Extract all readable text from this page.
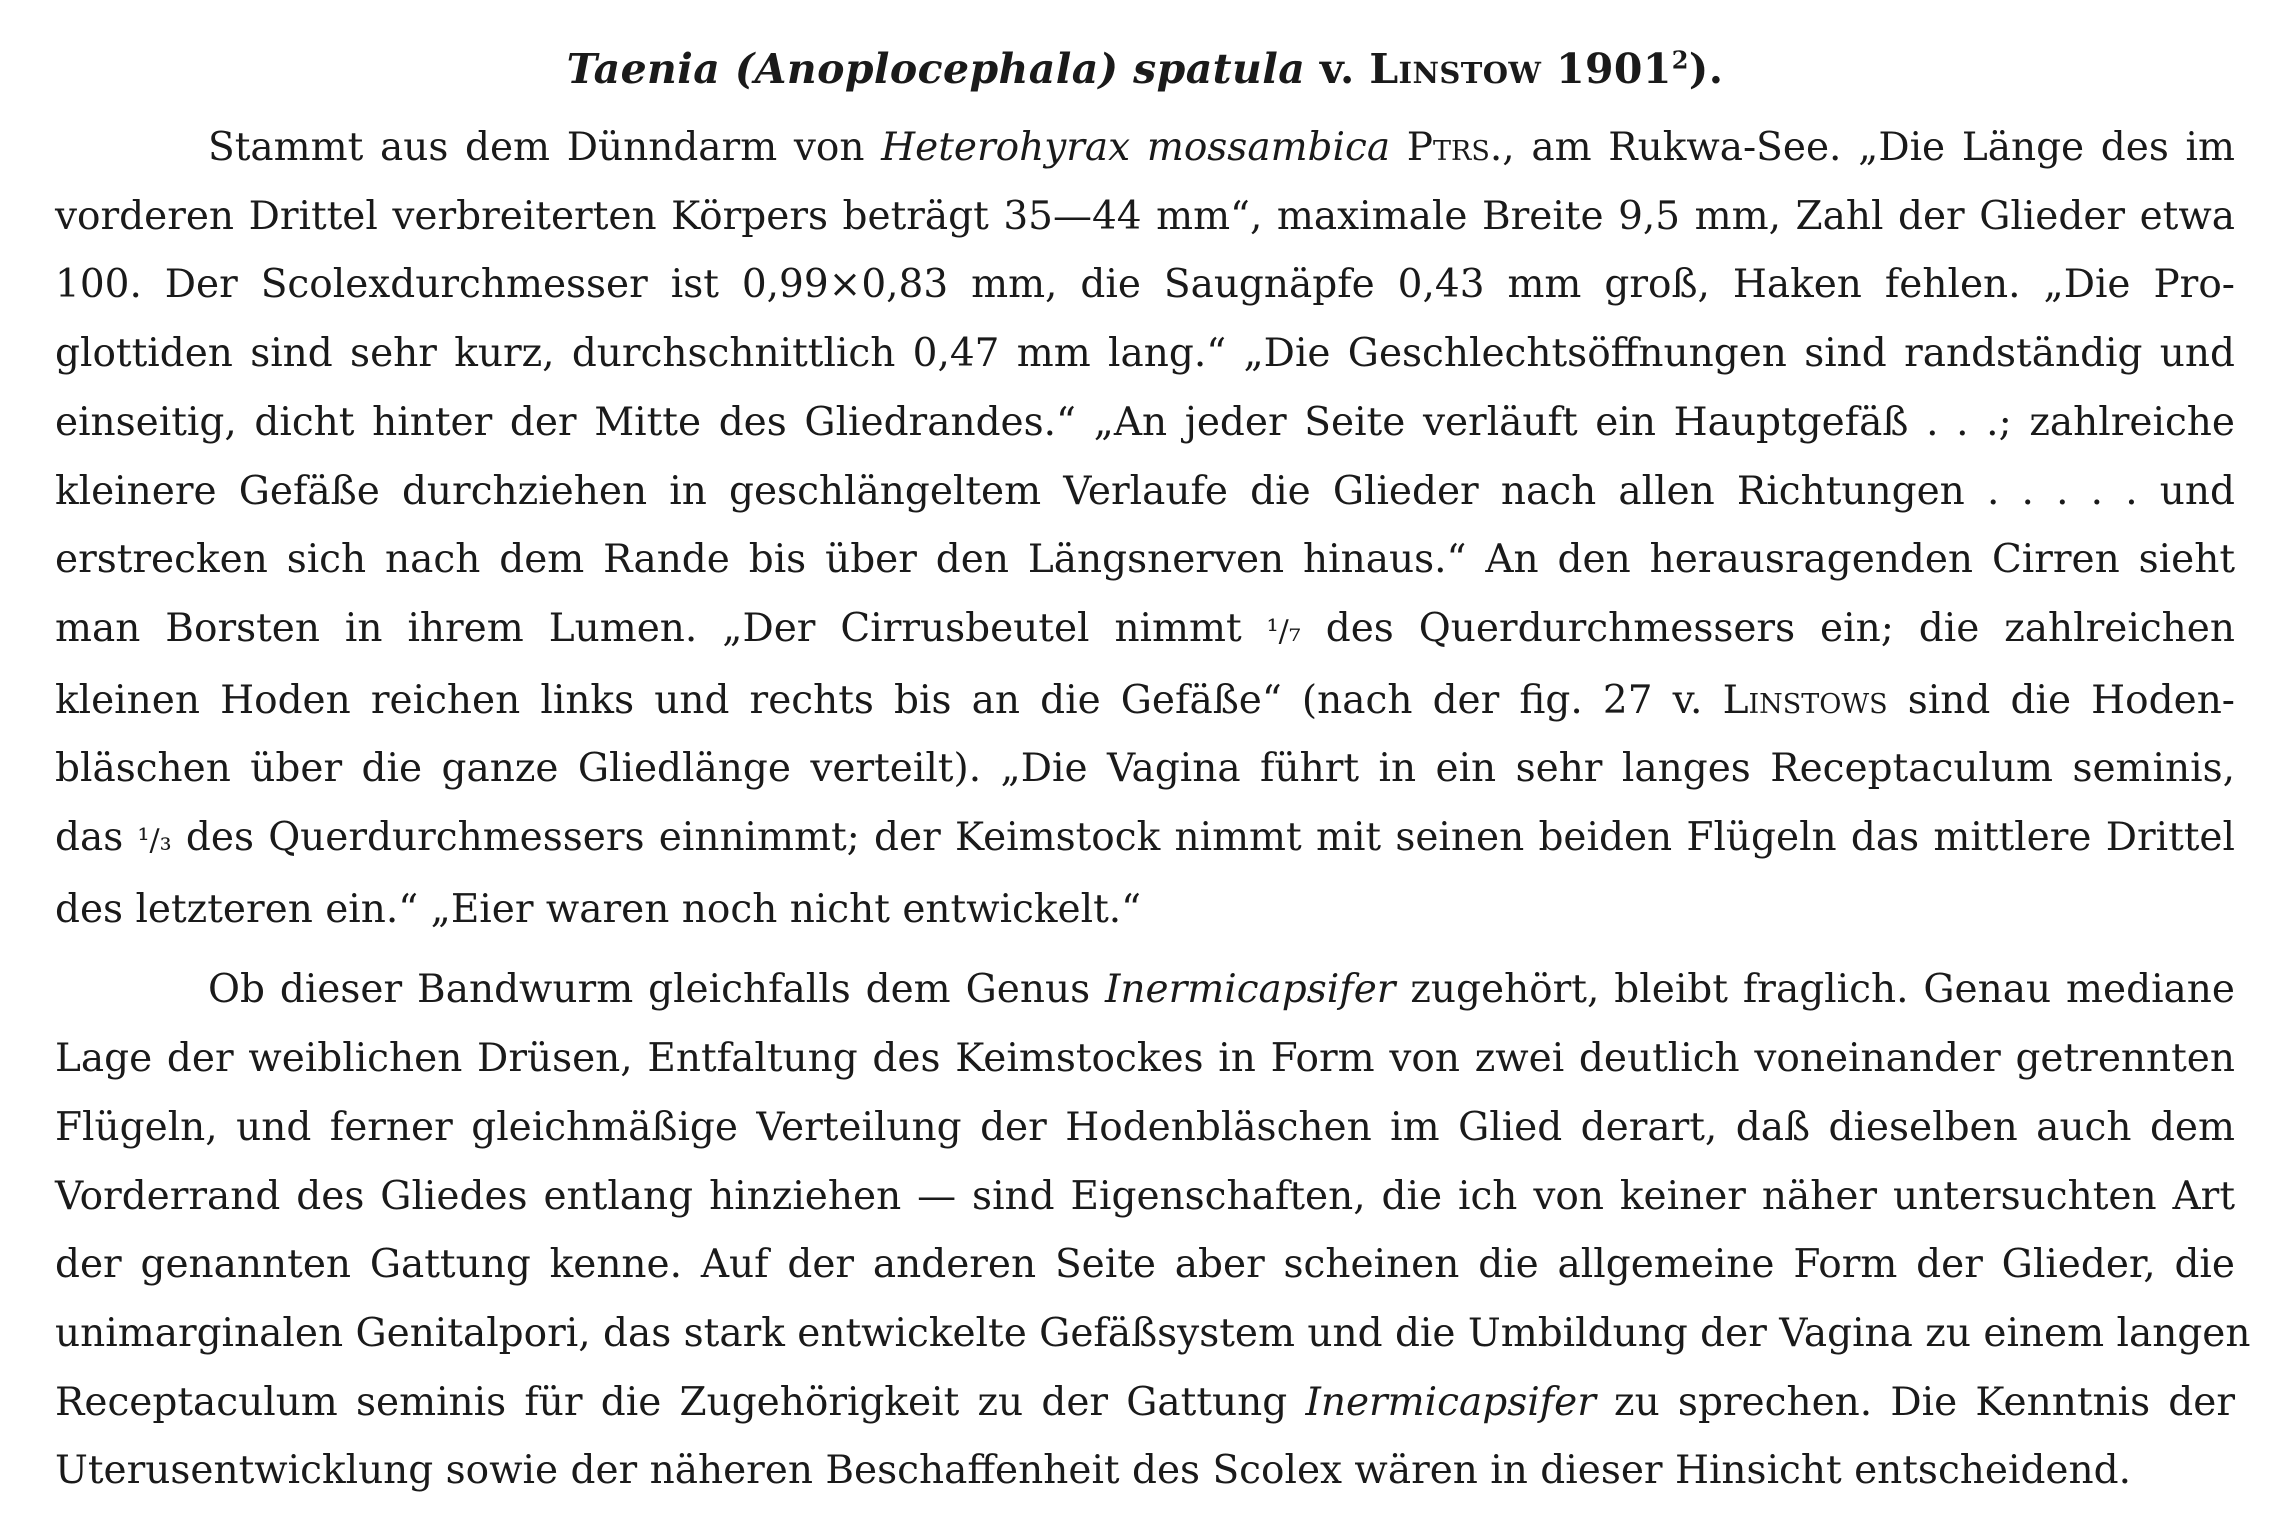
Taenia (Anoplocephala) spatula v. Linstow 1901$^2$).

Stammt aus dem Dünndarm von Heterohyrax mossambica Ptrs., am Rukwa-See. „Die Länge des im
vorderen Drittel verbreiterten Körpers beträgt 35—44 mm“, maximale Breite 9,5 mm, Zahl der Glieder etwa
100. Der Scolexdurchmesser ist 0,99×0,83 mm, die Saugnäpfe 0,43 mm groß, Haken fehlen. „Die Pro-
glottiden sind sehr kurz, durchschnittlich 0,47 mm lang.“ „Die Geschlechtsöffnungen sind randständig und
einseitig, dicht hinter der Mitte des Gliedrandes.“ „An jeder Seite verläuft ein Hauptgefäß . . .; zahlreiche
kleinere Gefäße durchziehen in geschlängeltem Verlaufe die Glieder nach allen Richtungen . . . . . und
erstrecken sich nach dem Rande bis über den Längsnerven hinaus.“ An den herausragenden Cirren sieht
man Borsten in ihrem Lumen. „Der Cirrusbeutel nimmt ¹/₇ des Querdurchmessers ein; die zahlreichen
kleinen Hoden reichen links und rechts bis an die Gefäße“ (nach der fig. 27 v. Linstows sind die Hoden-
bläschen über die ganze Gliedlänge verteilt). „Die Vagina führt in ein sehr langes Receptaculum seminis,
das ¹/₃ des Querdurchmessers einnimmt; der Keimstock nimmt mit seinen beiden Flügeln das mittlere Drittel
des letzteren ein.“ „Eier waren noch nicht entwickelt.“

Ob dieser Bandwurm gleichfalls dem Genus Inermicapsifer zugehört, bleibt fraglich. Genau mediane
Lage der weiblichen Drüsen, Entfaltung des Keimstockes in Form von zwei deutlich voneinander getrennten
Flügeln, und ferner gleichmäßige Verteilung der Hodenbläschen im Glied derart, daß dieselben auch dem
Vorderrand des Gliedes entlang hinziehen — sind Eigenschaften, die ich von keiner näher untersuchten Art
der genannten Gattung kenne. Auf der anderen Seite aber scheinen die allgemeine Form der Glieder, die
unimarginalen Genitalpori, das stark entwickelte Gefäßsystem und die Umbildung der Vagina zu einem langen
Receptaculum seminis für die Zugehörigkeit zu der Gattung Inermicapsifer zu sprechen. Die Kenntnis der
Uterusentwicklung sowie der näheren Beschaffenheit des Scolex wären in dieser Hinsicht entscheidend.
